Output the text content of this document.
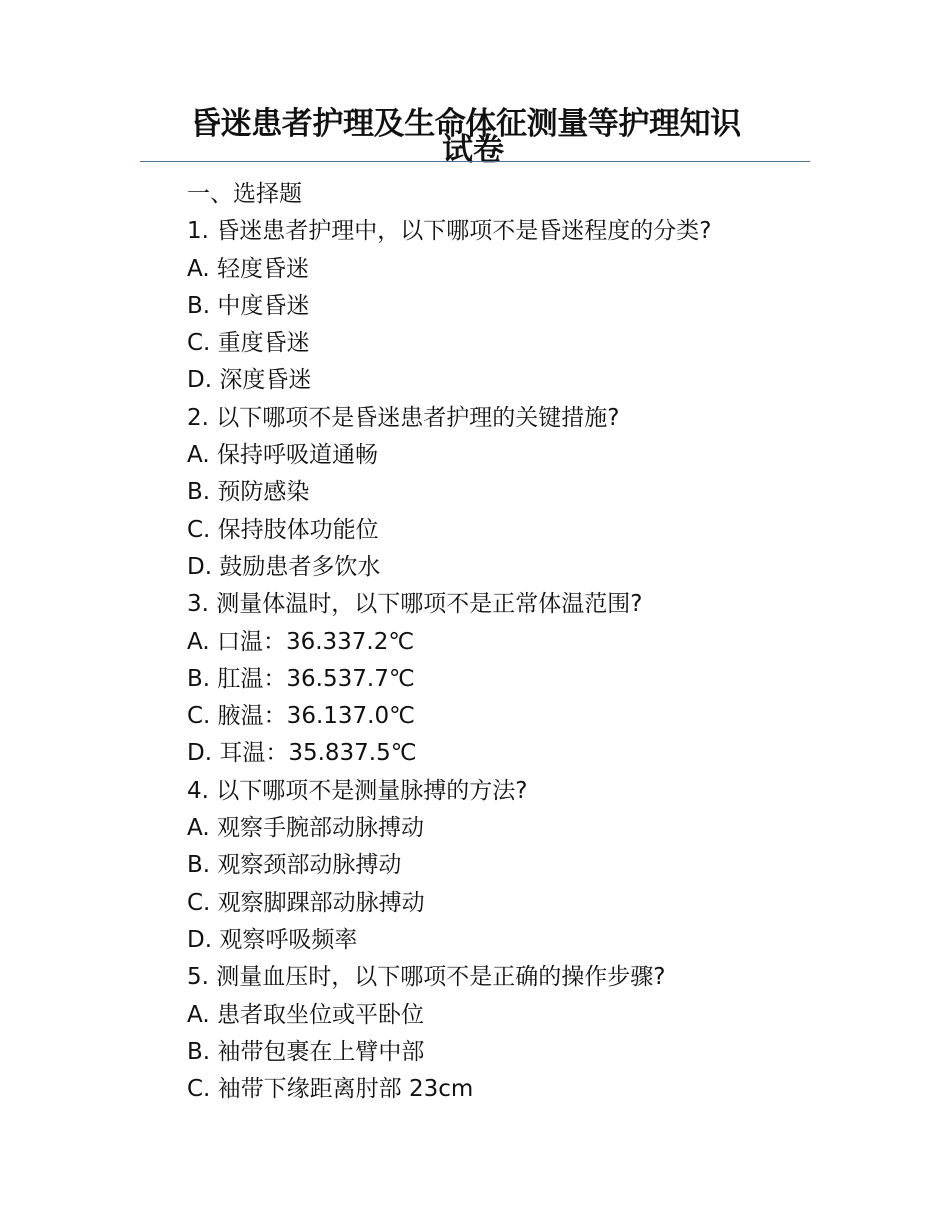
昏迷患者护理及生命体征测量等护理知识
试卷
一、选择题
1. 昏迷患者护理中，以下哪项不是昏迷程度的分类?
A. 轻度昏迷
B. 中度昏迷
C. 重度昏迷
D. 深度昏迷
2. 以下哪项不是昏迷患者护理的关键措施?
A. 保持呼吸道通畅
B. 预防感染
C. 保持肢体功能位
D. 鼓励患者多饮水
3. 测量体温时，以下哪项不是正常体温范围?
A. 口温：36.337.2℃
B. 肛温：36.537.7℃
C. 腋温：36.137.0℃
D. 耳温：35.837.5℃
4. 以下哪项不是测量脉搏的方法?
A. 观察手腕部动脉搏动
B. 观察颈部动脉搏动
C. 观察脚踝部动脉搏动
D. 观察呼吸频率
5. 测量血压时，以下哪项不是正确的操作步骤?
A. 患者取坐位或平卧位
B. 袖带包裹在上臂中部
C. 袖带下缘距离肘部 23cm
